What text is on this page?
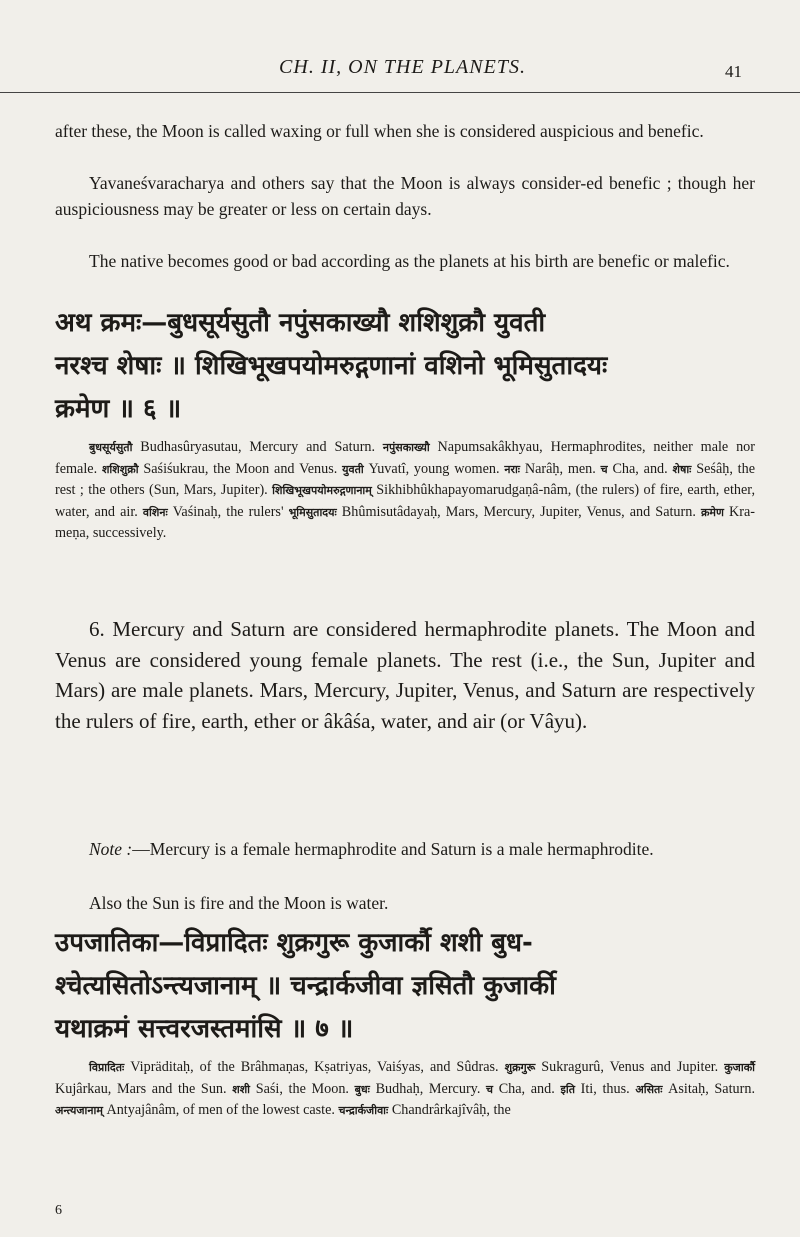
CH. II, ON THE PLANETS.	41
after these, the Moon is called waxing or full when she is considered auspicious and benefic.
Yavaneśvaracharya and others say that the Moon is always consider-ed benefic ; though her auspiciousness may be greater or less on certain days.
The native becomes good or bad according as the planets at his birth are benefic or malefic.
अथ क्रमः—बुधसूर्यसुतौ नपुंसकाख्यौ शशिशुक्रौ युवती
नरश्च शेषाः ॥ शिखिभूखपयोमरुद्गणानां वशिनो भूमिसुतादयः
क्रमेण ॥ ६ ॥
बुधसूर्यसुतौ Budhasûryasutau, Mercury and Saturn. नपुंसकाख्यौ Napumsakâkhyau, Hermaphrodites, neither male nor female. शशिशुक्रौ Saśiśukrau, the Moon and Venus. युवती Yuvatî, young women. नराः Narâḥ, men. च Cha, and. शेषाः Seśâḥ, the rest ; the others (Sun, Mars, Jupiter). शिखिभूखपयोमरुद्गणानाम् Sikhibhûkhapayomarudgaṇâ-nâm, (the rulers) of fire, earth, ether, water, and air. वशिनः Vaśinaḥ, the rulers' भूमिसुतादयः Bhûmisutâdayaḥ, Mars, Mercury, Jupiter, Venus, and Saturn. क्रमेण Kra-meṇa, successively.
6. Mercury and Saturn are considered hermaphrodite planets. The Moon and Venus are considered young female planets. The rest (i.e., the Sun, Jupiter and Mars) are male planets. Mars, Mercury, Jupiter, Venus, and Saturn are respectively the rulers of fire, earth, ether or âkâśa, water, and air (or Vâyu).
Note :—Mercury is a female hermaphrodite and Saturn is a male hermaphrodite.
Also the Sun is fire and the Moon is water.
उपजातिका—विप्रादितः शुक्रगुरू कुजार्कौ शशी बुध-
श्चेत्यसितोऽन्त्यजानाम् ॥ चन्द्रार्कजीवा ज्ञसितौ कुजार्की
यथाक्रमं सत्त्वरजस्तमांसि ॥ ७ ॥
विप्रादितः Vipräditaḥ, of the Brâhmaṇas, Kṣatriyas, Vaiśyas, and Sûdras. शुक्रगुरू Sukragurû, Venus and Jupiter. कुजार्कौ Kujârkau, Mars and the Sun. शशी Saśi, the Moon. बुधः Budhaḥ, Mercury. च Cha, and. इति Iti, thus. असितः Asitaḥ, Saturn. अन्त्यजानाम् Antyajânâm, of men of the lowest caste. चन्द्रार्कजीवाः Chandrârkajîvâḥ, the
6
